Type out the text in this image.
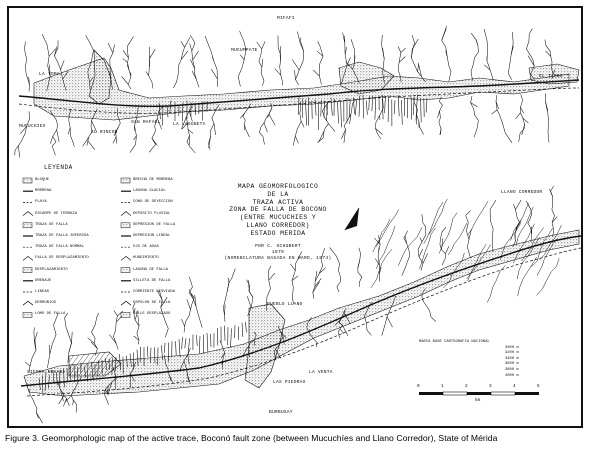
MUCUCHIES
LA TOMA
EL RINCON
SAN RAFAEL
MUCUMPATE
MIFAFI
LA LAGUNETA
LLANO CORREDOR
EL TAMBO
PUEBLO LLANO
LAS PIEDRAS
LA VENTA
BURBUSAY
SIERRA NEVADA
LEYENDA
BLOQUE
MORRENA
PLAYA
ESCARPE DE TERRAZA
TRAZA DE FALLA
TRAZA DE FALLA INFERIDA
TRAZA DE FALLA NORMAL
FALLA DE DESPLAZAMIENTO
DESPLAZAMIENTO
DRENAJE
LINEAS
DERRUBIOS
LOMO DE FALLA
BRECHA DE MORRENA
LAGUNA GLACIAL
CONO DE DEYECCION
DEPOSITO FLUVIAL
DEPRESION DE FALLA
DEPRESION LINEAL
OJO DE AGUA
HUNDIMIENTO
LAGUNA DE FALLA
SILLETA DE FALLA
CORRIENTE DESVIADA
ESPOLON DE FALLA
VALLE DESPLAZADO
MAPA GEOMORFOLOGICO
DE LA
TRAZA ACTIVA
ZONA DE FALLA DE BOCONO
(ENTRE MUCUCHIES Y
LLANO CORREDOR)
ESTADO MERIDA
POR C. SCHUBERT
1979
(NOMENCLATURA BASADA EN WARD, 1974)
MARCA BASE CARTOGRAFIA NACIONAL
3000 m
3200 m
3400 m
3600 m
3800 m
4000 m
0	1	2	3	4	5
km
Figure 3. Geomorphologic map of the active trace, Boconó fault zone (between Mucuchíes and Llano Corredor), State of Mérida
